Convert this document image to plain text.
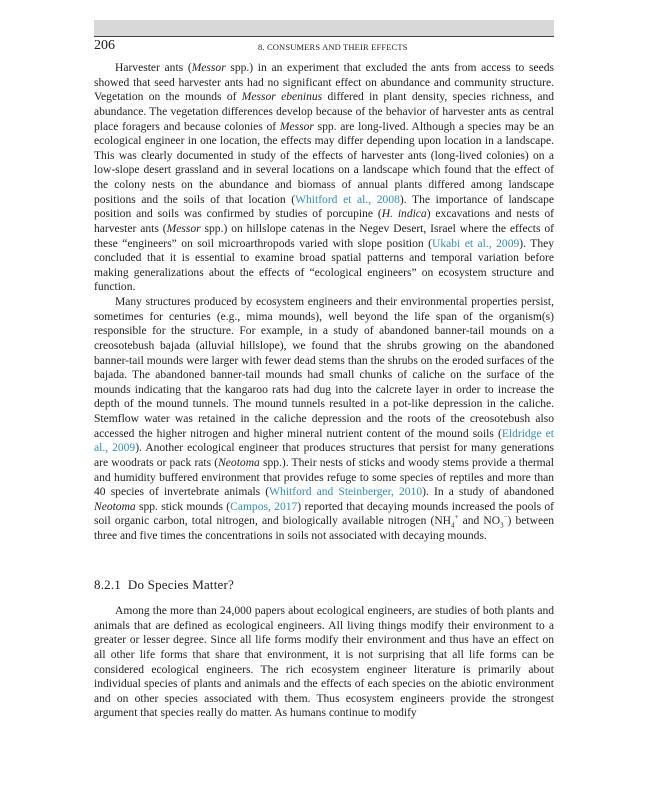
206	8. CONSUMERS AND THEIR EFFECTS

Harvester ants (Messor spp.) in an experiment that excluded the ants from access to seeds showed that seed harvester ants had no significant effect on abundance and community structure. Vegetation on the mounds of Messor ebeninus differed in plant density, species richness, and abundance. The vegetation differences develop because of the behavior of harvester ants as central place foragers and because colonies of Messor spp. are long-lived. Although a species may be an ecological engineer in one location, the effects may differ depending upon location in a landscape. This was clearly documented in study of the effects of harvester ants (long-lived colonies) on a low-slope desert grassland and in several locations on a landscape which found that the effect of the colony nests on the abundance and biomass of annual plants differed among landscape positions and the soils of that location (Whitford et al., 2008). The importance of landscape position and soils was confirmed by studies of porcupine (H. indica) excavations and nests of harvester ants (Messor spp.) on hillslope catenas in the Negev Desert, Israel where the effects of these “engineers” on soil microarthropods varied with slope position (Ukabi et al., 2009). They concluded that it is essential to examine broad spatial patterns and temporal variation before making generalizations about the effects of “ecological engineers” on ecosystem structure and function.

Many structures produced by ecosystem engineers and their environmental properties persist, sometimes for centuries (e.g., mima mounds), well beyond the life span of the organism(s) responsible for the structure. For example, in a study of abandoned banner-tail mounds on a creosotebush bajada (alluvial hillslope), we found that the shrubs growing on the abandoned banner-tail mounds were larger with fewer dead stems than the shrubs on the eroded surfaces of the bajada. The abandoned banner-tail mounds had small chunks of caliche on the surface of the mounds indicating that the kangaroo rats had dug into the calcrete layer in order to increase the depth of the mound tunnels. The mound tunnels resulted in a pot-like depression in the caliche. Stemflow water was retained in the caliche depression and the roots of the creosotebush also accessed the higher nitrogen and higher mineral nutrient content of the mound soils (Eldridge et al., 2009). Another ecological engineer that produces structures that persist for many generations are woodrats or pack rats (Neotoma spp.). Their nests of sticks and woody stems provide a thermal and humidity buffered environment that provides refuge to some species of reptiles and more than 40 species of invertebrate animals (Whitford and Steinberger, 2010). In a study of abandoned Neotoma spp. stick mounds (Campos, 2017) reported that decaying mounds increased the pools of soil organic carbon, total nitrogen, and biologically available nitrogen ($NH_4^+$ and $NO_3^-$) between three and five times the concentrations in soils not associated with decaying mounds.

8.2.1 Do Species Matter?

Among the more than 24,000 papers about ecological engineers, are studies of both plants and animals that are defined as ecological engineers. All living things modify their environment to a greater or lesser degree. Since all life forms modify their environment and thus have an effect on all other life forms that share that environment, it is not surprising that all life forms can be considered ecological engineers. The rich ecosystem engineer literature is primarily about individual species of plants and animals and the effects of each species on the abiotic environment and on other species associated with them. Thus ecosystem engineers provide the strongest argument that species really do matter. As humans continue to modify
